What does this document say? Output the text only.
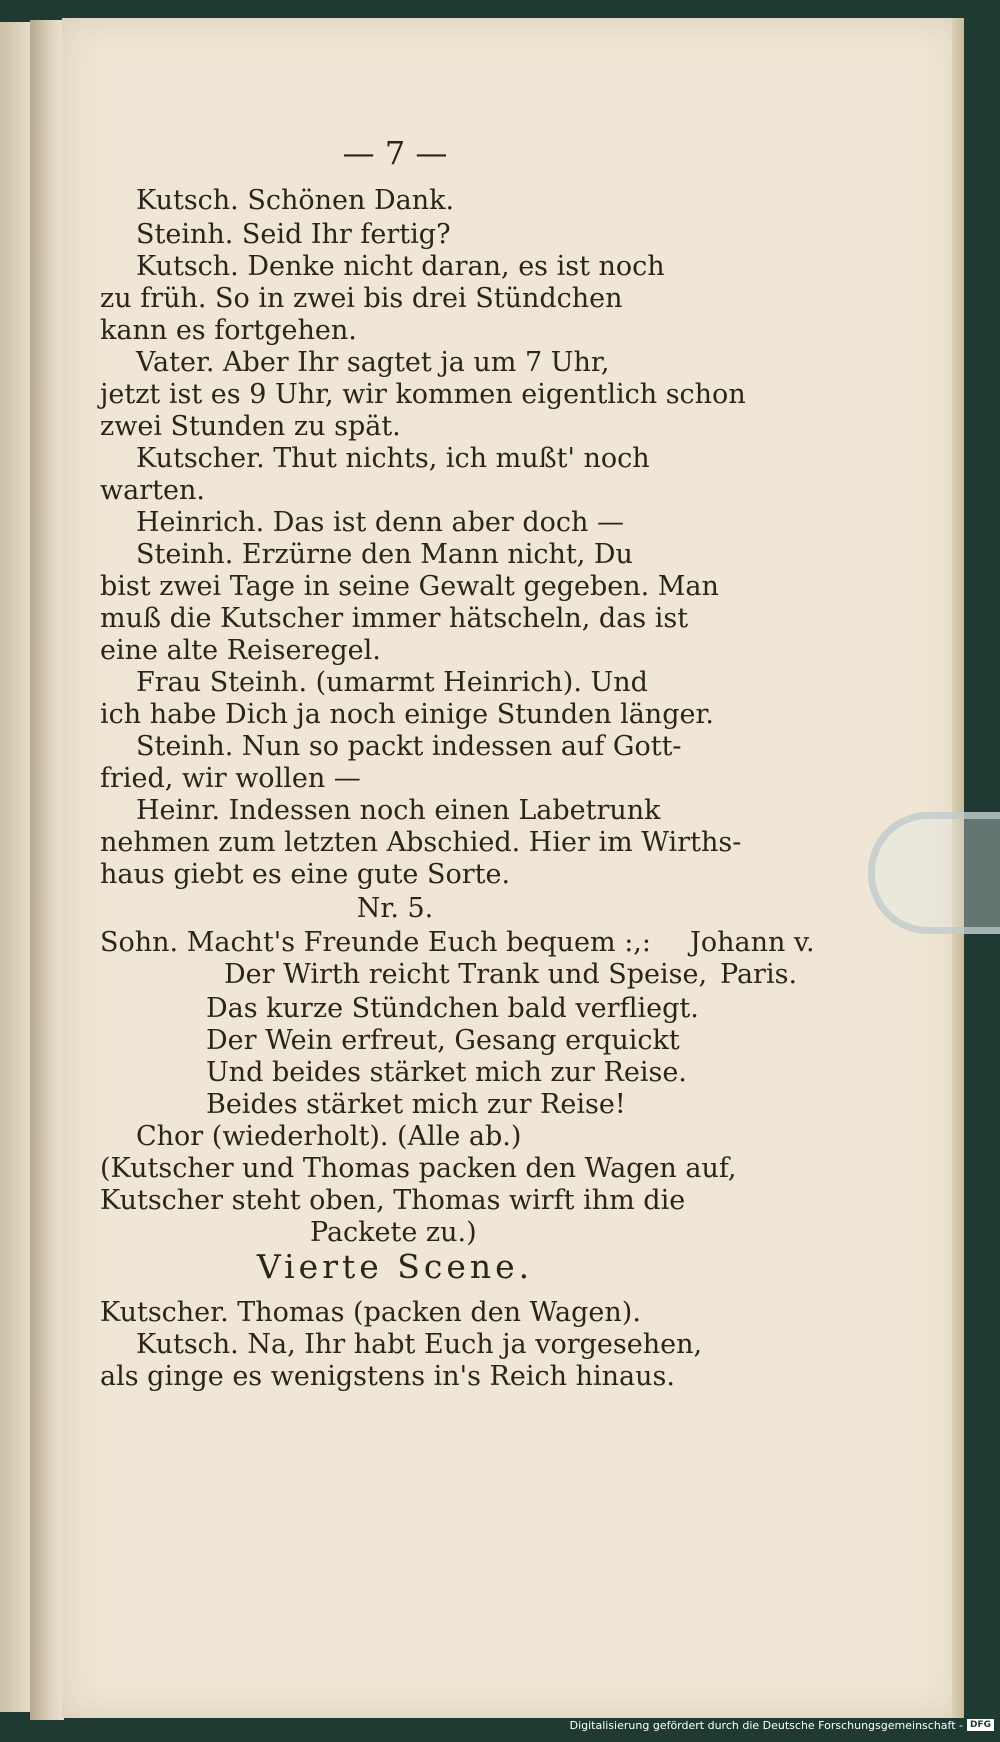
— 7 —
Kutsch. Schönen Dank.
Steinh. Seid Ihr fertig?
Kutsch. Denke nicht daran, es ist noch
zu früh. So in zwei bis drei Stündchen
kann es fortgehen.
Vater. Aber Ihr sagtet ja um 7 Uhr,
jetzt ist es 9 Uhr, wir kommen eigentlich schon
zwei Stunden zu spät.
Kutscher. Thut nichts, ich mußt' noch
warten.
Heinrich. Das ist denn aber doch —
Steinh. Erzürne den Mann nicht, Du
bist zwei Tage in seine Gewalt gegeben. Man
muß die Kutscher immer hätscheln, das ist
eine alte Reiseregel.
Frau Steinh. (umarmt Heinrich). Und
ich habe Dich ja noch einige Stunden länger.
Steinh. Nun so packt indessen auf Gott-
fried, wir wollen —
Heinr. Indessen noch einen Labetrunk
nehmen zum letzten Abschied. Hier im Wirths-
haus giebt es eine gute Sorte.
Nr. 5.
Sohn. Macht's Freunde Euch bequem :,:
Der Wirth reicht Trank und Speise,
Das kurze Stündchen bald verfliegt.
Der Wein erfreut, Gesang erquickt
Und beides stärket mich zur Reise.
Beides stärket mich zur Reise!
Chor (wiederholt). (Alle ab.)
(Kutscher und Thomas packen den Wagen auf,
Kutscher steht oben, Thomas wirft ihm die
Packete zu.)
Vierte Scene.
Kutscher. Thomas (packen den Wagen).
Kutsch. Na, Ihr habt Euch ja vorgesehen,
als ginge es wenigstens in's Reich hinaus.
Johann v.
Paris.
Digitalisierung gefördert durch die Deutsche Forschungsgemeinschaft - DFG
